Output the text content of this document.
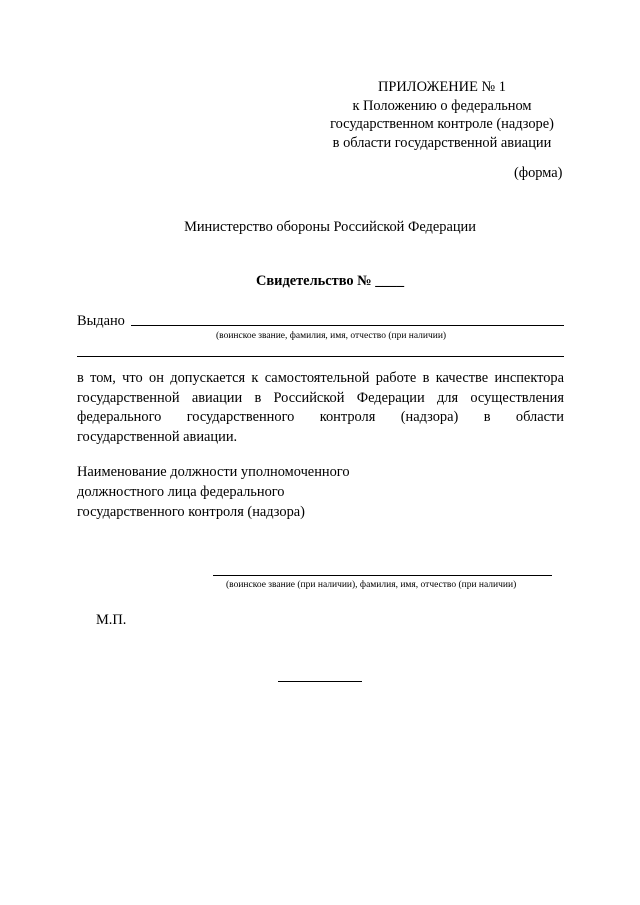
ПРИЛОЖЕНИЕ № 1
к Положению о федеральном
государственном контроле (надзоре)
в области государственной авиации
(форма)
Министерство обороны Российской Федерации
Свидетельство № ____
Выдано
(воинское звание, фамилия, имя, отчество (при наличии)
в том, что он допускается к самостоятельной работе в качестве инспектора
государственной авиации в Российской Федерации для осуществления
федерального государственного контроля (надзора) в области
государственной авиации.
Наименование должности уполномоченного
должностного лица федерального
государственного контроля (надзора)
(воинское звание (при наличии), фамилия, имя, отчество (при наличии)
М.П.
